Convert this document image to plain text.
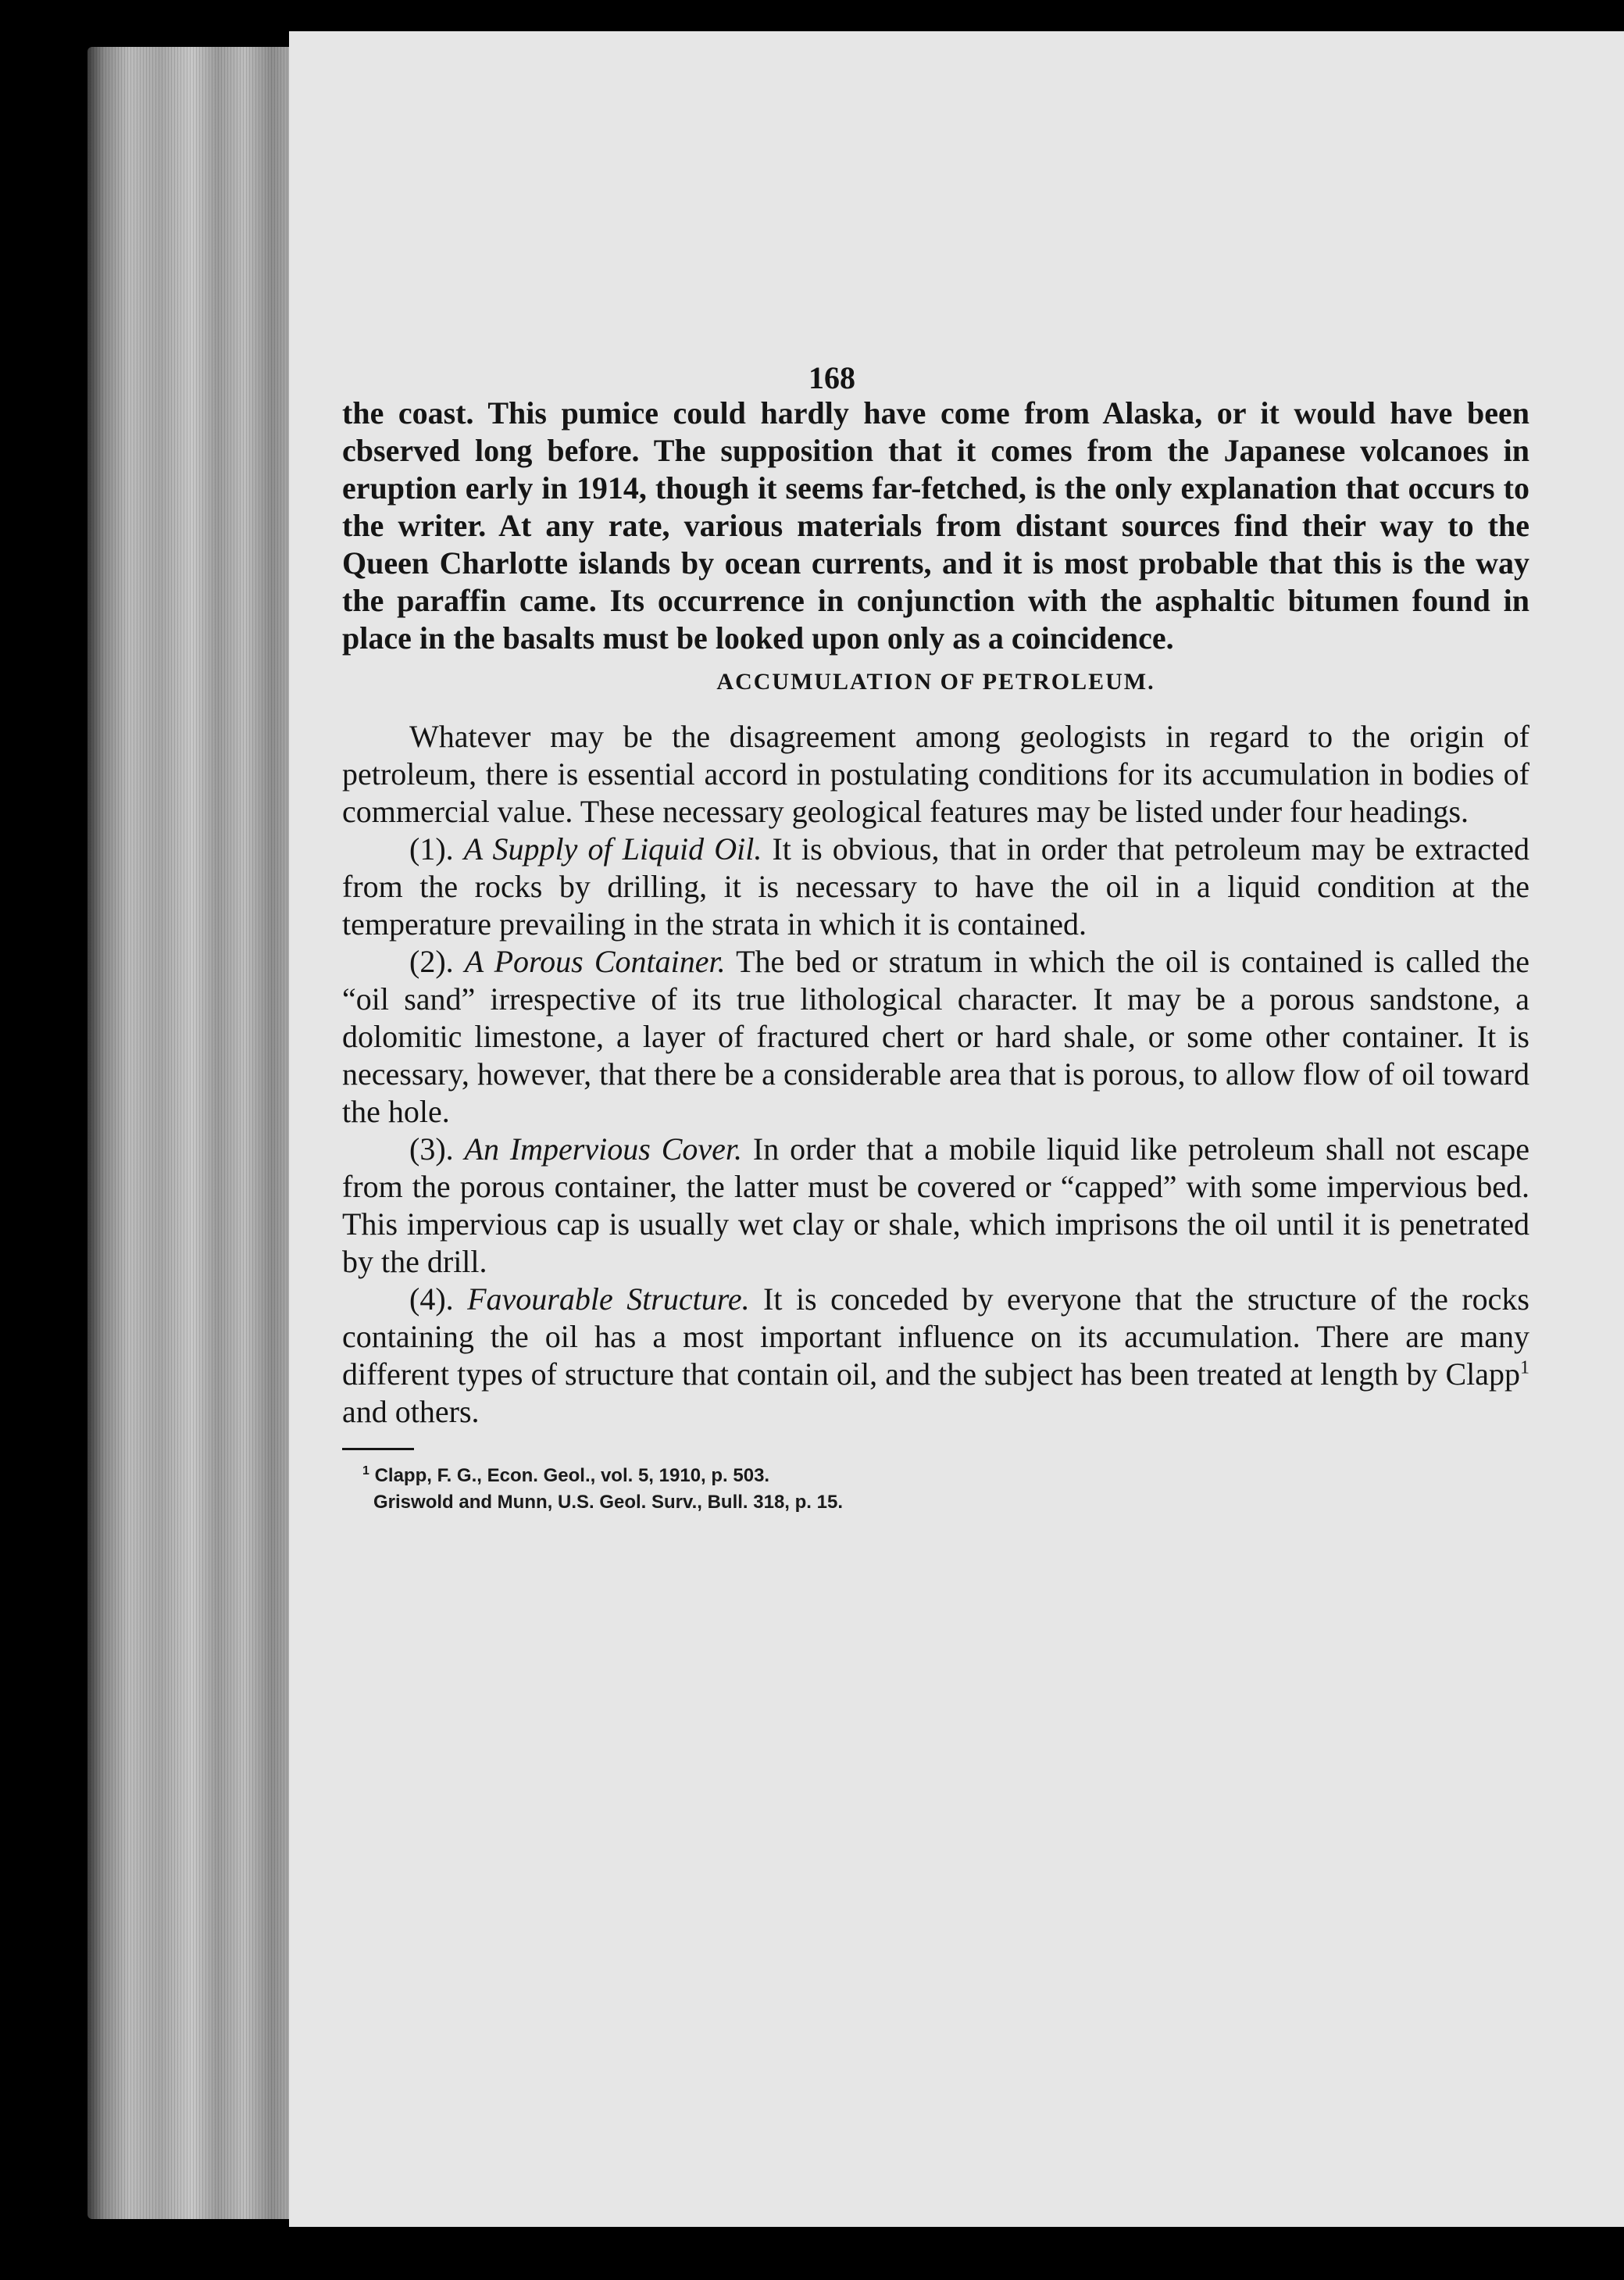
168

the coast. This pumice could hardly have come from Alaska, or it would have been cbserved long before. The supposition that it comes from the Japanese volcanoes in eruption early in 1914, though it seems far-fetched, is the only explanation that occurs to the writer. At any rate, various materials from distant sources find their way to the Queen Charlotte islands by ocean currents, and it is most probable that this is the way the paraffin came. Its occurrence in conjunction with the asphaltic bitumen found in place in the basalts must be looked upon only as a coincidence.

ACCUMULATION OF PETROLEUM.

Whatever may be the disagreement among geologists in regard to the origin of petroleum, there is essential accord in postulating conditions for its accumulation in bodies of commercial value. These necessary geological features may be listed under four headings.

(1). A Supply of Liquid Oil. It is obvious, that in order that petroleum may be extracted from the rocks by drilling, it is necessary to have the oil in a liquid condition at the temperature prevailing in the strata in which it is contained.

(2). A Porous Container. The bed or stratum in which the oil is contained is called the “oil sand” irrespective of its true lithological character. It may be a porous sandstone, a dolomitic limestone, a layer of fractured chert or hard shale, or some other container. It is necessary, however, that there be a considerable area that is porous, to allow flow of oil toward the hole.

(3). An Impervious Cover. In order that a mobile liquid like petroleum shall not escape from the porous container, the latter must be covered or “capped” with some impervious bed. This impervious cap is usually wet clay or shale, which imprisons the oil until it is penetrated by the drill.

(4). Favourable Structure. It is conceded by everyone that the structure of the rocks containing the oil has a most important influence on its accumulation. There are many different types of structure that contain oil, and the subject has been treated at length by Clapp$^1$ and others.

$^1$ Clapp, F. G., Econ. Geol., vol. 5, 1910, p. 503.

Griswold and Munn, U.S. Geol. Surv., Bull. 318, p. 15.
